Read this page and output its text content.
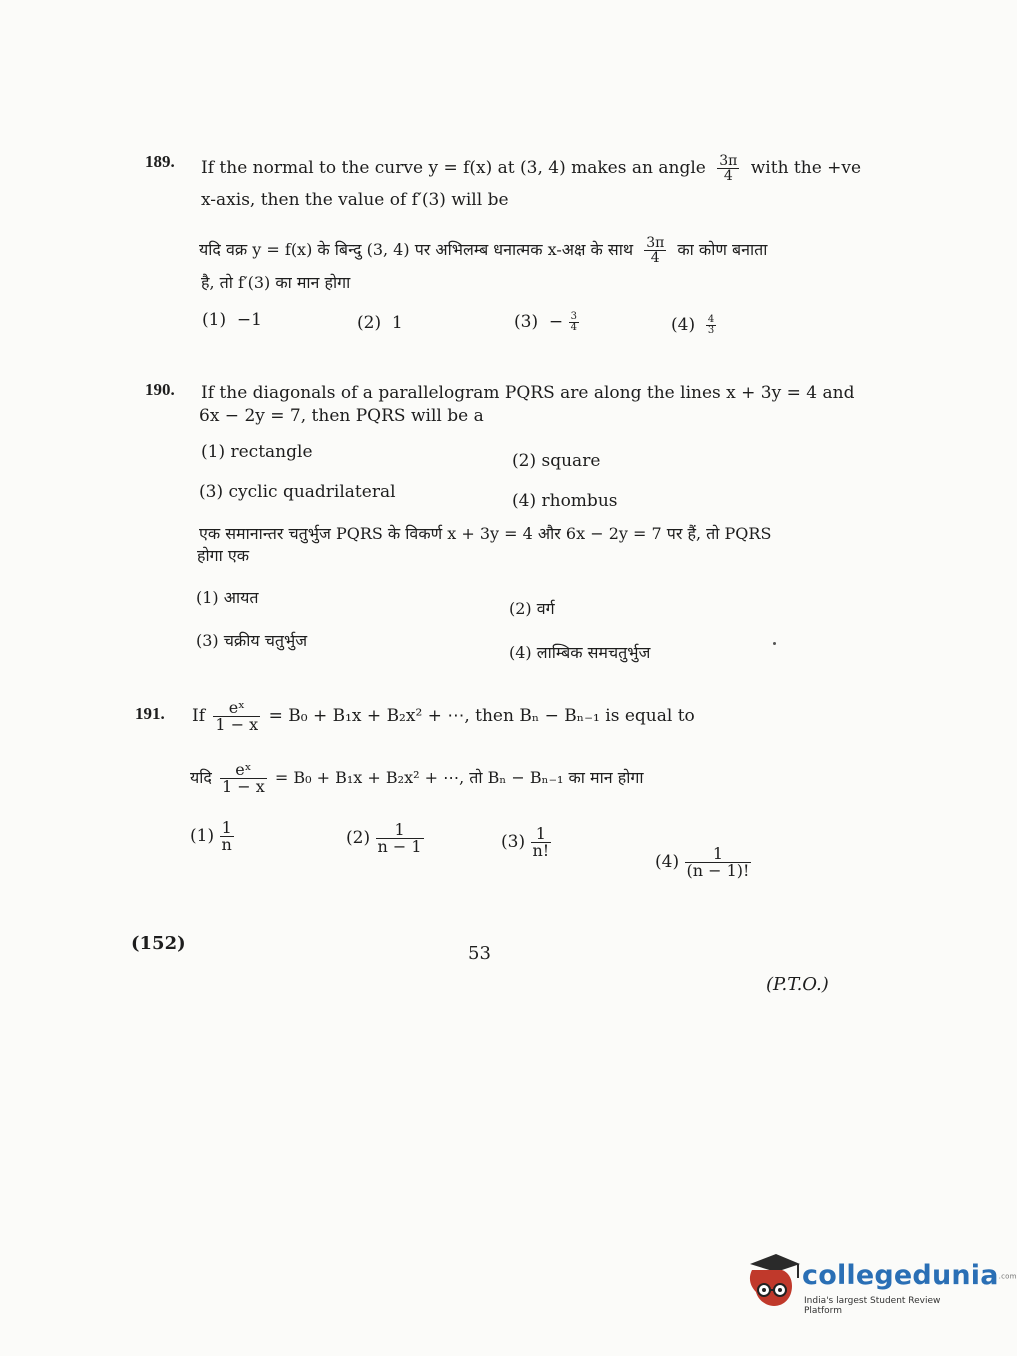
189. If the normal to the curve y = f(x) at (3, 4) makes an angle $\frac{3\pi}{4}$ with the +ve
x-axis, then the value of f′(3) will be
यदि वक्र y = f(x) के बिन्दु (3, 4) पर अभिलम्ब धनात्मक x-अक्ष के साथ $\frac{3\pi}{4}$ का कोण बनाता
है, तो f′(3) का मान होगा
(1) −1	(2) 1	$(3) - \frac{3}{4}$	$(4) \frac{4}{3}$
190. If the diagonals of a parallelogram PQRS are along the lines x + 3y = 4 and
6x − 2y = 7, then PQRS will be a
(1) rectangle	(2) square
(3) cyclic quadrilateral	(4) rhombus
एक समानान्तर चतुर्भुज PQRS के विकर्ण x + 3y = 4 और 6x − 2y = 7 पर हैं, तो PQRS
होगा एक
(1) आयत
(2) वर्ग
(3) चक्रीय चतुर्भुज
(4) लाम्बिक समचतुर्भुज
191. If $\frac{\text{eˣ}}{1 - x} = B_0 + B_1x + B_2x^2$ + ⋯, then Bₙ − Bₙ₋₁ is equal to
यदि $\frac{\text{eˣ}}{1 - x} = B_0 + B_1x + B_2x^2$ + ⋯, तो Bₙ − Bₙ₋₁ का मान होगा
$(1) \frac{1}{n}$	$(2) \frac{1}{n - 1}$	$(3) \frac{1}{n!}$
$(4) \frac{1}{(n - 1)!}$
(152)	53
(P.T.O.)
collegedunia.com
India's largest Student Review Platform
